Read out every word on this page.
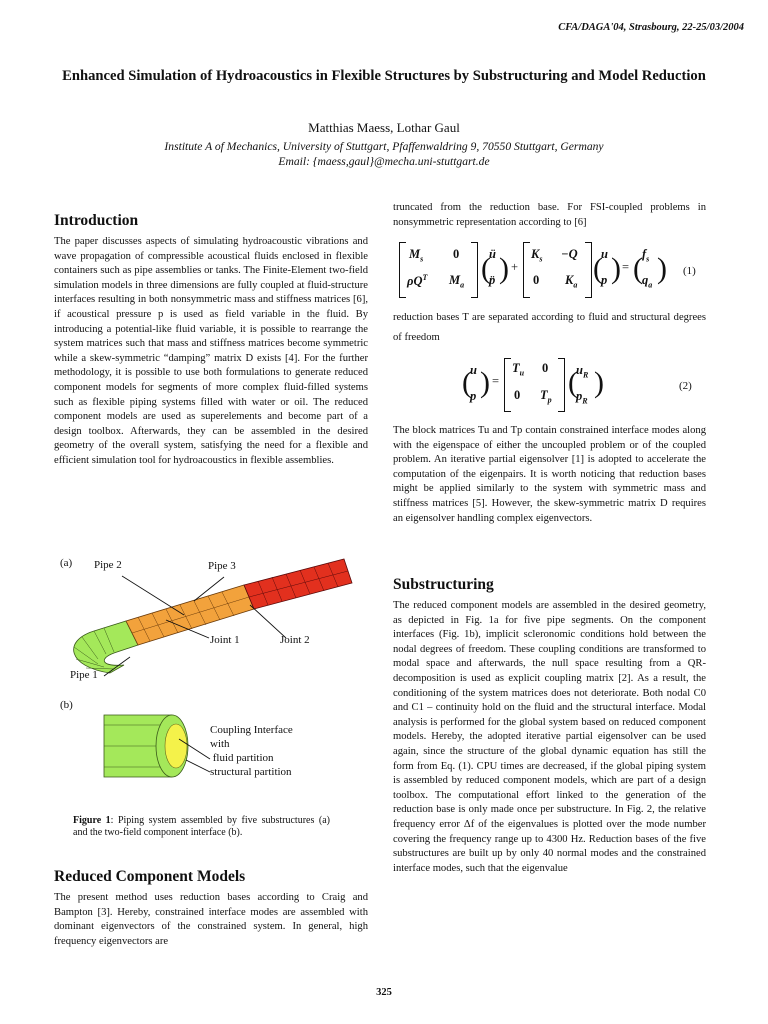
CFA/DAGA'04, Strasbourg, 22-25/03/2004
Enhanced Simulation of Hydroacoustics in Flexible Structures by Substructuring and Model Reduction
Matthias Maess, Lothar Gaul
Institute A of Mechanics, University of Stuttgart, Pfaffenwaldring 9, 70550 Stuttgart, Germany
Email: {maess,gaul}@mecha.uni-stuttgart.de
Introduction
The paper discusses aspects of simulating hydroacoustic vibrations and wave propagation of compressible acoustical fluids enclosed in flexible containers such as pipe assemblies or tanks. The Finite-Element two-field simulation models in three dimensions are fully coupled at fluid-structure interfaces resulting in both nonsymmetric mass and stiffness matrices [6], if acoustical pressure p is used as field variable in the fluid. By introducing a potential-like fluid variable, it is possible to rearrange the system matrices such that mass and stiffness matrices become symmetric while a skew-symmetric “damping” matrix D exists [4]. For the further methodology, it is possible to use both formulations to generate reduced component models for segments of more complex fluid-filled systems such as flexible piping systems filled with water or oil. The reduced component models are used as superelements and become part of a design toolbox. Afterwards, they can be assembled in the desired geometry of the overall system, satisfying the need for a flexible and efficient simulation tool for hydroacoustics in flexible assemblies.
(a) Pipe 2	Pipe 3
Joint 1	Joint 2
Pipe 1
(b)
Coupling Interface
with
fluid partition
structural partition
Figure 1: Piping system assembled by five substructures (a) and the two-field component interface (b).
Reduced Component Models
The present method uses reduction bases according to Craig and Bampton [3]. Hereby, constrained interface modes are assembled with dominant eigenvectors of the constrained system. In general, high frequency eigenvectors are
truncated from the reduction base. For FSI-coupled problems in nonsymmetric representation according to [6]
$M_s$ 0
$\rho Q^T$ $M_a$ (
ü
p̈ ) +
$K_s -Q$
0 $K_a$ (
u
p ) = ( $f_s$
$q_a$ ) (1)
reduction bases T are separated according to fluid and structural degrees of freedom
(
u
p ) =
$T_u$ 0
0 $T_p$
(
$u_R$
$p_R$
)	(2)
The block matrices Tu and Tp contain constrained interface modes along with the eigenspace of either the uncoupled problem or of the coupled problem. An iterative partial eigensolver [1] is adopted to accelerate the computation of the eigenpairs. It is worth noticing that reduction bases might be applied similarly to the system with symmetric mass and stiffness matrices [5]. However, the skew-symmetric matrix D requires an eigensolver handling complex eigenvectors.
Substructuring
The reduced component models are assembled in the desired geometry, as depicted in Fig. 1a for five pipe segments. On the component interfaces (Fig. 1b), implicit scleronomic conditions hold between the nodal degrees of freedom. These coupling conditions are transformed to modal space and afterwards, the null space resulting from a QR-decomposition is used as explicit coupling matrix [2]. As a result, the conditioning of the system matrices does not deteriorate. Both nodal C0 and C1 – continuity hold on the fluid and the structural interface. Modal analysis is performed for the global system based on reduced component models. Hereby, the adopted iterative partial eigensolver can be used again, since the structure of the global dynamic equation has still the form from Eq. (1). CPU times are decreased, if the global piping system is assembled by reduced component models, which are part of a design toolbox. The computational effort linked to the generation of the reduction base is only made once per substructure. In Fig. 2, the relative frequency error Δf of the eigenvalues is plotted over the mode number covering the frequency range up to 4300 Hz. Reduction bases of the five substructures are built up by only 40 normal modes and the constrained interface modes, such that the eigenvalue
325
